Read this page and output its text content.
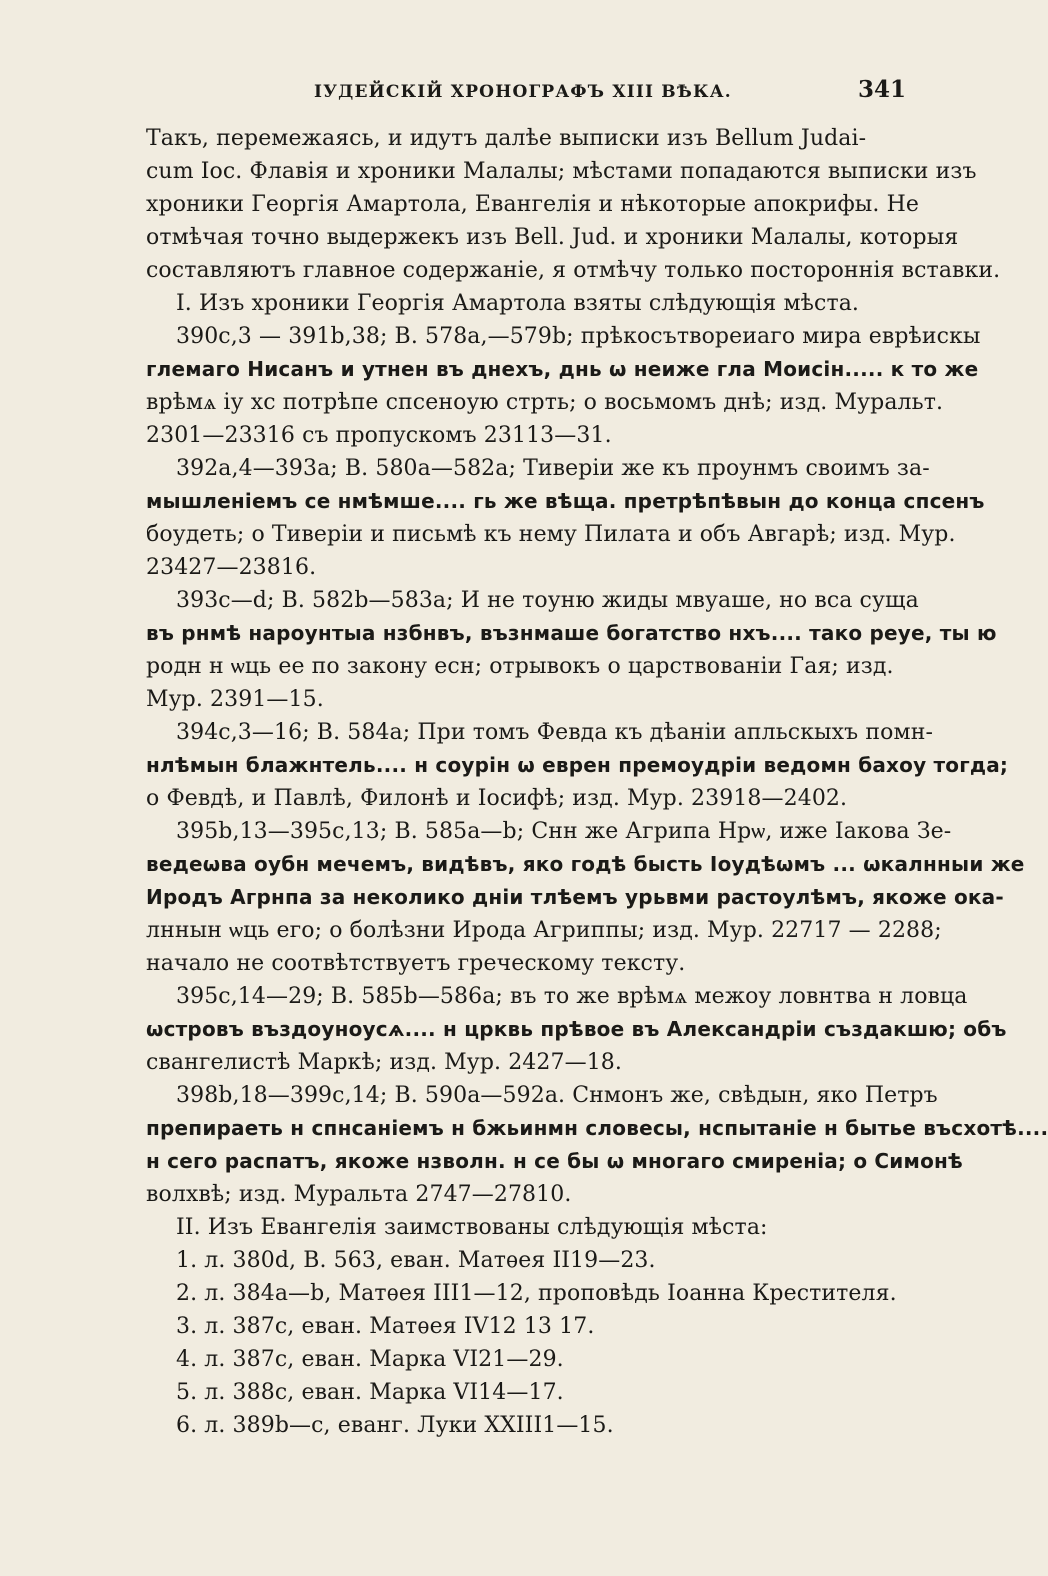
ІУДЕЙСКІЙ ХРОНОГРАФЪ XIII ВѢКА.	341
Такъ, перемежаясь, и идутъ далѣе выписки изъ Bellum Judai-
cum Іос. Флавія и хроники Малалы; мѣстами попадаются выписки изъ
хроники Георгія Амартола, Евангелія и нѣкоторые апокрифы. Не
отмѣчая точно выдержекъ изъ Bell. Jud. и хроники Малалы, которыя
составляютъ главное содержаніе, я отмѣчу только постороннія вставки.
I. Изъ хроники Георгія Амартола взяты слѣдующія мѣста.
390c,3 — 391b,38; B. 578a,—579b; прѣкосътвореиаго мира еврѣискы
глемаго Нисанъ и утнен въ днехъ, днь ѡ неиже гла Моисiн..... к то же
врѣмѧ іу хс потрѣпе спсеноую стрть; о восьмомъ днѣ; изд. Муральт.
2301—23316 съ пропускомъ 23113—31.
392a,4—393a; B. 580a—582a; Тиверiи же къ проунмъ своимъ за-
мышленiемъ се нмѣмше.... гь же вѣща. претрѣпѣвын до конца спсенъ
боудеть; о Тиверіи и письмѣ къ нему Пилата и объ Авгарѣ; изд. Мур.
23427—23816.
393c—d; B. 582b—583a; И не тоуню жиды мвуаше, но вса суща
въ рнмѣ нароунтыа нзбнвъ, възнмаше богатство нхъ.... тако реуе, ты ю
родн н ѡць ее по закону есн; отрывокъ о царствованіи Гая; изд.
Мур. 2391—15.
394c,3—16; B. 584a; При томъ Февда къ дѣанiи апльскыхъ помн-
нлѣмын блажнтель.... н соурiн ѡ еврен премоудрiи ведомн бахоу тогда;
о Февдѣ, и Павлѣ, Филонѣ и Іосифѣ; изд. Мур. 23918—2402.
395b,13—395c,13; B. 585a—b; Снн же Агрипа Нрѡ, иже Iакова Зе-
ведеѡва оубн мечемъ, видѣвъ, яко годѣ бысть Іоудѣѡмъ ... ѡкалнныи же
Иродъ Агрнпа за неколико днiи тлѣемъ урьвми растоулѣмъ, якоже ока-
лннын ѡць его; о болѣзни Ирода Агриппы; изд. Мур. 22717 — 2288;
начало не соотвѣтствуетъ греческому тексту.
395c,14—29; B. 585b—586a; въ то же врѣмѧ межоу ловнтва н ловца
ѡстровъ въздоуноусѧ.... н црквь прѣвое въ Александрiи създакшю; объ
свангелистѣ Маркѣ; изд. Мур. 2427—18.
398b,18—399c,14; B. 590a—592a. Снмонъ же, свѣдын, яко Петръ
препираеть н спнсанiемъ н бжьинмн словесы, нспытанiе н бытье въсхотѣ....
н сего распатъ, якоже нзволн. н се бы ѡ многаго смиренiа; о Симонѣ
волхвѣ; изд. Муральта 2747—27810.
II. Изъ Евангелія заимствованы слѣдующія мѣста:
1. л. 380d, В. 563, еван. Матѳея II19—23.
2. л. 384a—b, Матѳея III1—12, проповѣдь Іоанна Крестителя.
3. л. 387c, еван. Матѳея IV12 13 17.
4. л. 387c, еван. Марка VI21—29.
5. л. 388c, еван. Марка VI14—17.
6. л. 389b—c, еванг. Луки XXIII1—15.
